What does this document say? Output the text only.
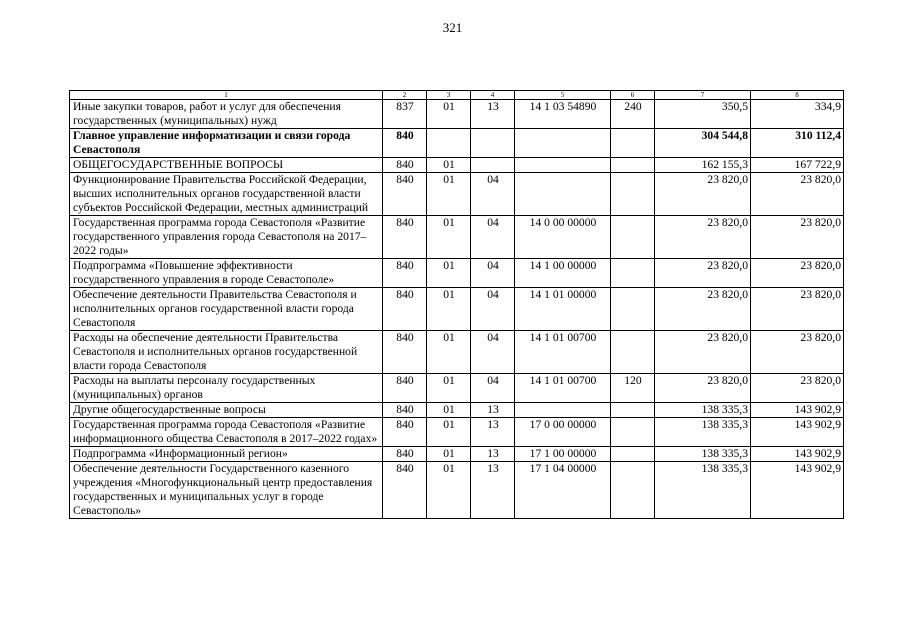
321
1	2	3	4	5	6	7	8
Иные закупки товаров, работ и услуг для обеспечения государственных (муниципальных) нужд	837	01	13	14 1 03 54890	240	350,5	334,9
Главное управление информатизации и связи города Севастополя	840					304 544,8	310 112,4
ОБЩЕГОСУДАРСТВЕННЫЕ ВОПРОСЫ	840	01				162 155,3	167 722,9
Функционирование Правительства Российской Федерации, высших исполнительных органов государственной власти субъектов Российской Федерации, местных администраций	840	01	04			23 820,0	23 820,0
Государственная программа города Севастополя «Развитие государственного управления города Севастополя на 2017–2022 годы»	840	01	04	14 0 00 00000		23 820,0	23 820,0
Подпрограмма «Повышение эффективности государственного управления в городе Севастополе»	840	01	04	14 1 00 00000		23 820,0	23 820,0
Обеспечение деятельности Правительства Севастополя и исполнительных органов государственной власти города Севастополя	840	01	04	14 1 01 00000		23 820,0	23 820,0
Расходы на обеспечение деятельности Правительства Севастополя и исполнительных органов государственной власти города Севастополя	840	01	04	14 1 01 00700		23 820,0	23 820,0
Расходы на выплаты персоналу государственных (муниципальных) органов	840	01	04	14 1 01 00700	120	23 820,0	23 820,0
Другие общегосударственные вопросы	840	01	13			138 335,3	143 902,9
Государственная программа города Севастополя «Развитие информационного общества Севастополя в 2017–2022 годах»	840	01	13	17 0 00 00000		138 335,3	143 902,9
Подпрограмма «Информационный регион»	840	01	13	17 1 00 00000		138 335,3	143 902,9
Обеспечение деятельности Государственного казенного учреждения «Многофункциональный центр предоставления государственных и муниципальных услуг в городе Севастополь»	840	01	13	17 1 04 00000		138 335,3	143 902,9
